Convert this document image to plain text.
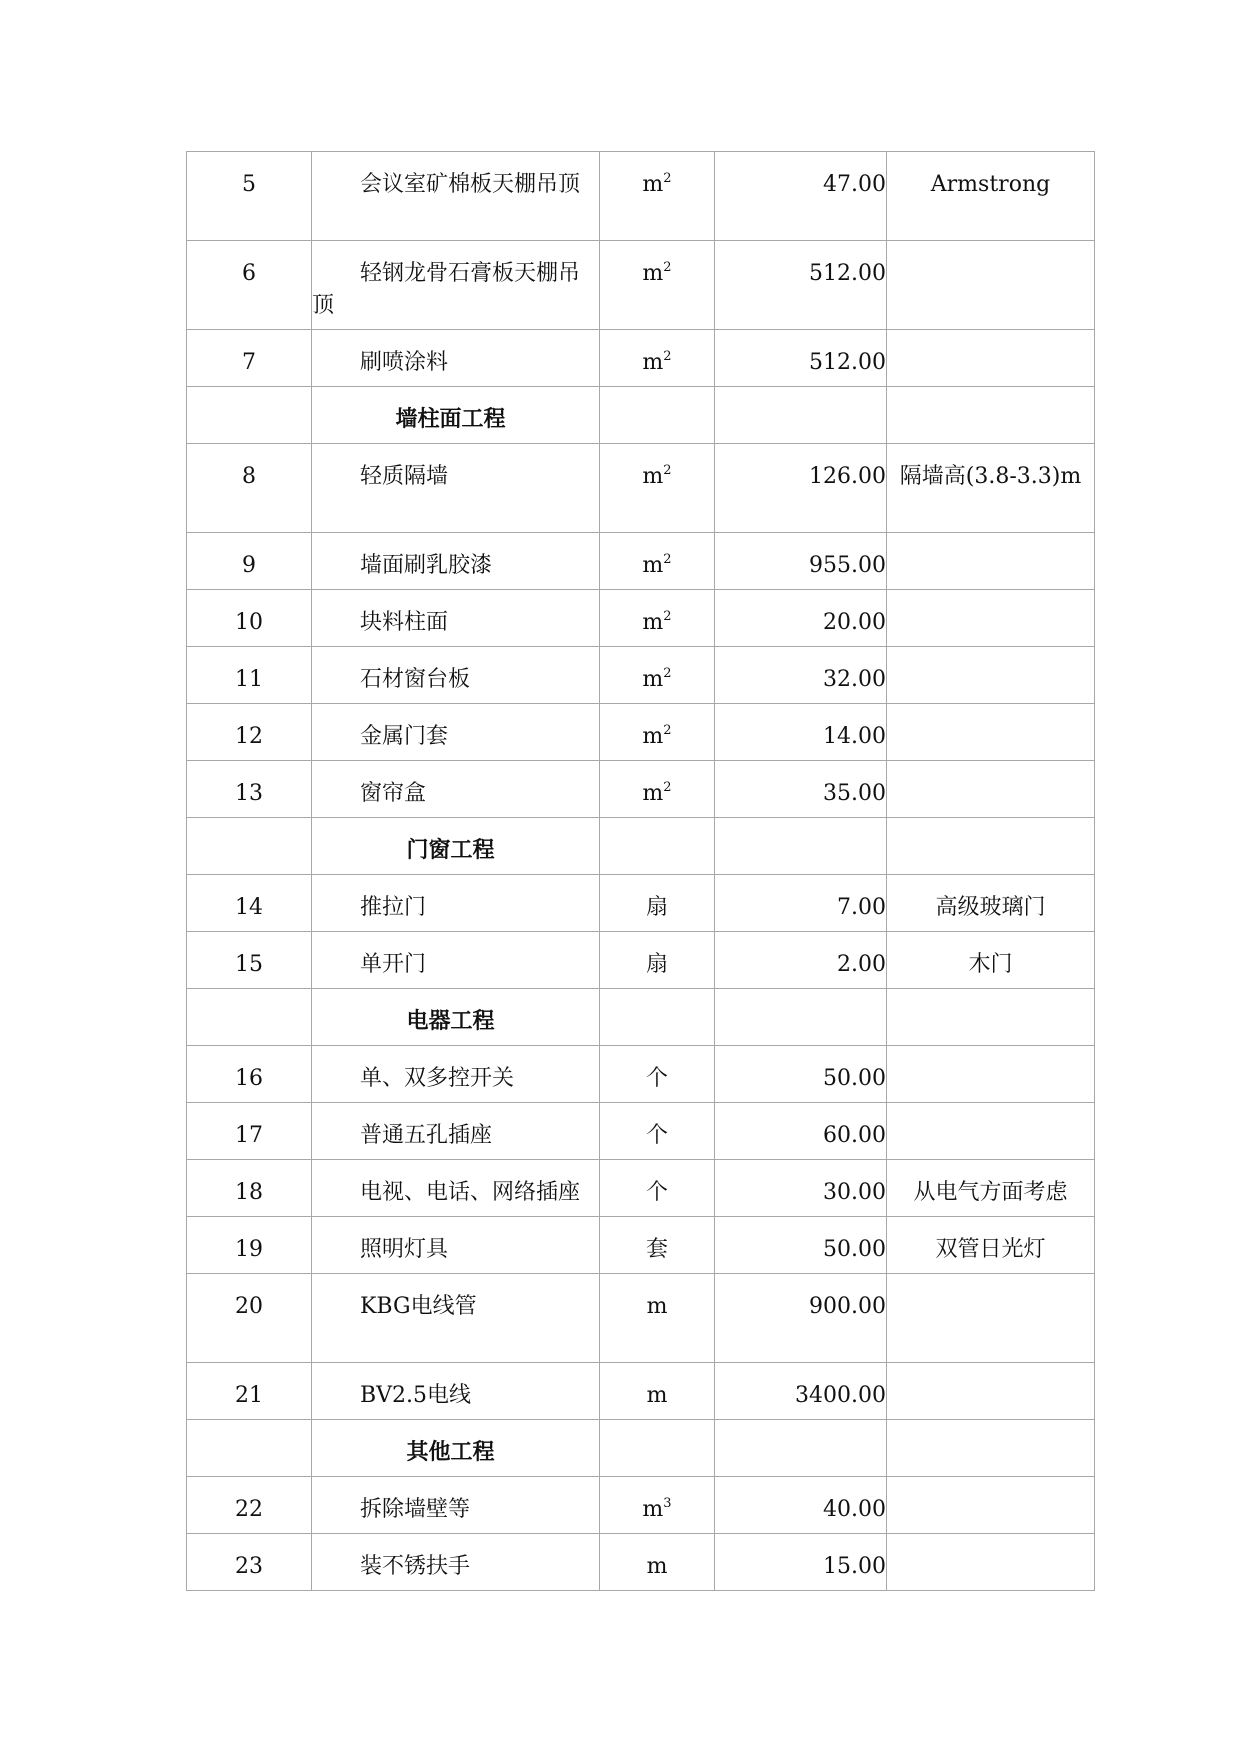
5	会议室矿棉板天棚吊顶	$m^2$	47.00	Armstrong
6	轻钢龙骨石膏板天棚吊顶	$m^2$	512.00	
7	刷喷涂料	$m^2$	512.00	

	墙柱面工程			

8	轻质隔墙	$m^2$	126.00	隔墙高(3.8-3.3)m
9	墙面刷乳胶漆	$m^2$	955.00	
10	块料柱面	$m^2$	20.00	
11	石材窗台板	$m^2$	32.00	
12	金属门套	$m^2$	14.00	
13	窗帘盒	$m^2$	35.00	

	门窗工程			

14	推拉门	扇	7.00	高级玻璃门
15	单开门	扇	2.00	木门

	电器工程			

16	单、双多控开关	个	50.00	
17	普通五孔插座	个	60.00	
18	电视、电话、网络插座	个	30.00	从电气方面考虑
19	照明灯具	套	50.00	双管日光灯
20	KBG电线管	m	900.00	
21	BV2.5电线	m	3400.00	

	其他工程			

22	拆除墙壁等	$m^3$	40.00	
23	装不锈扶手	m	15.00	
